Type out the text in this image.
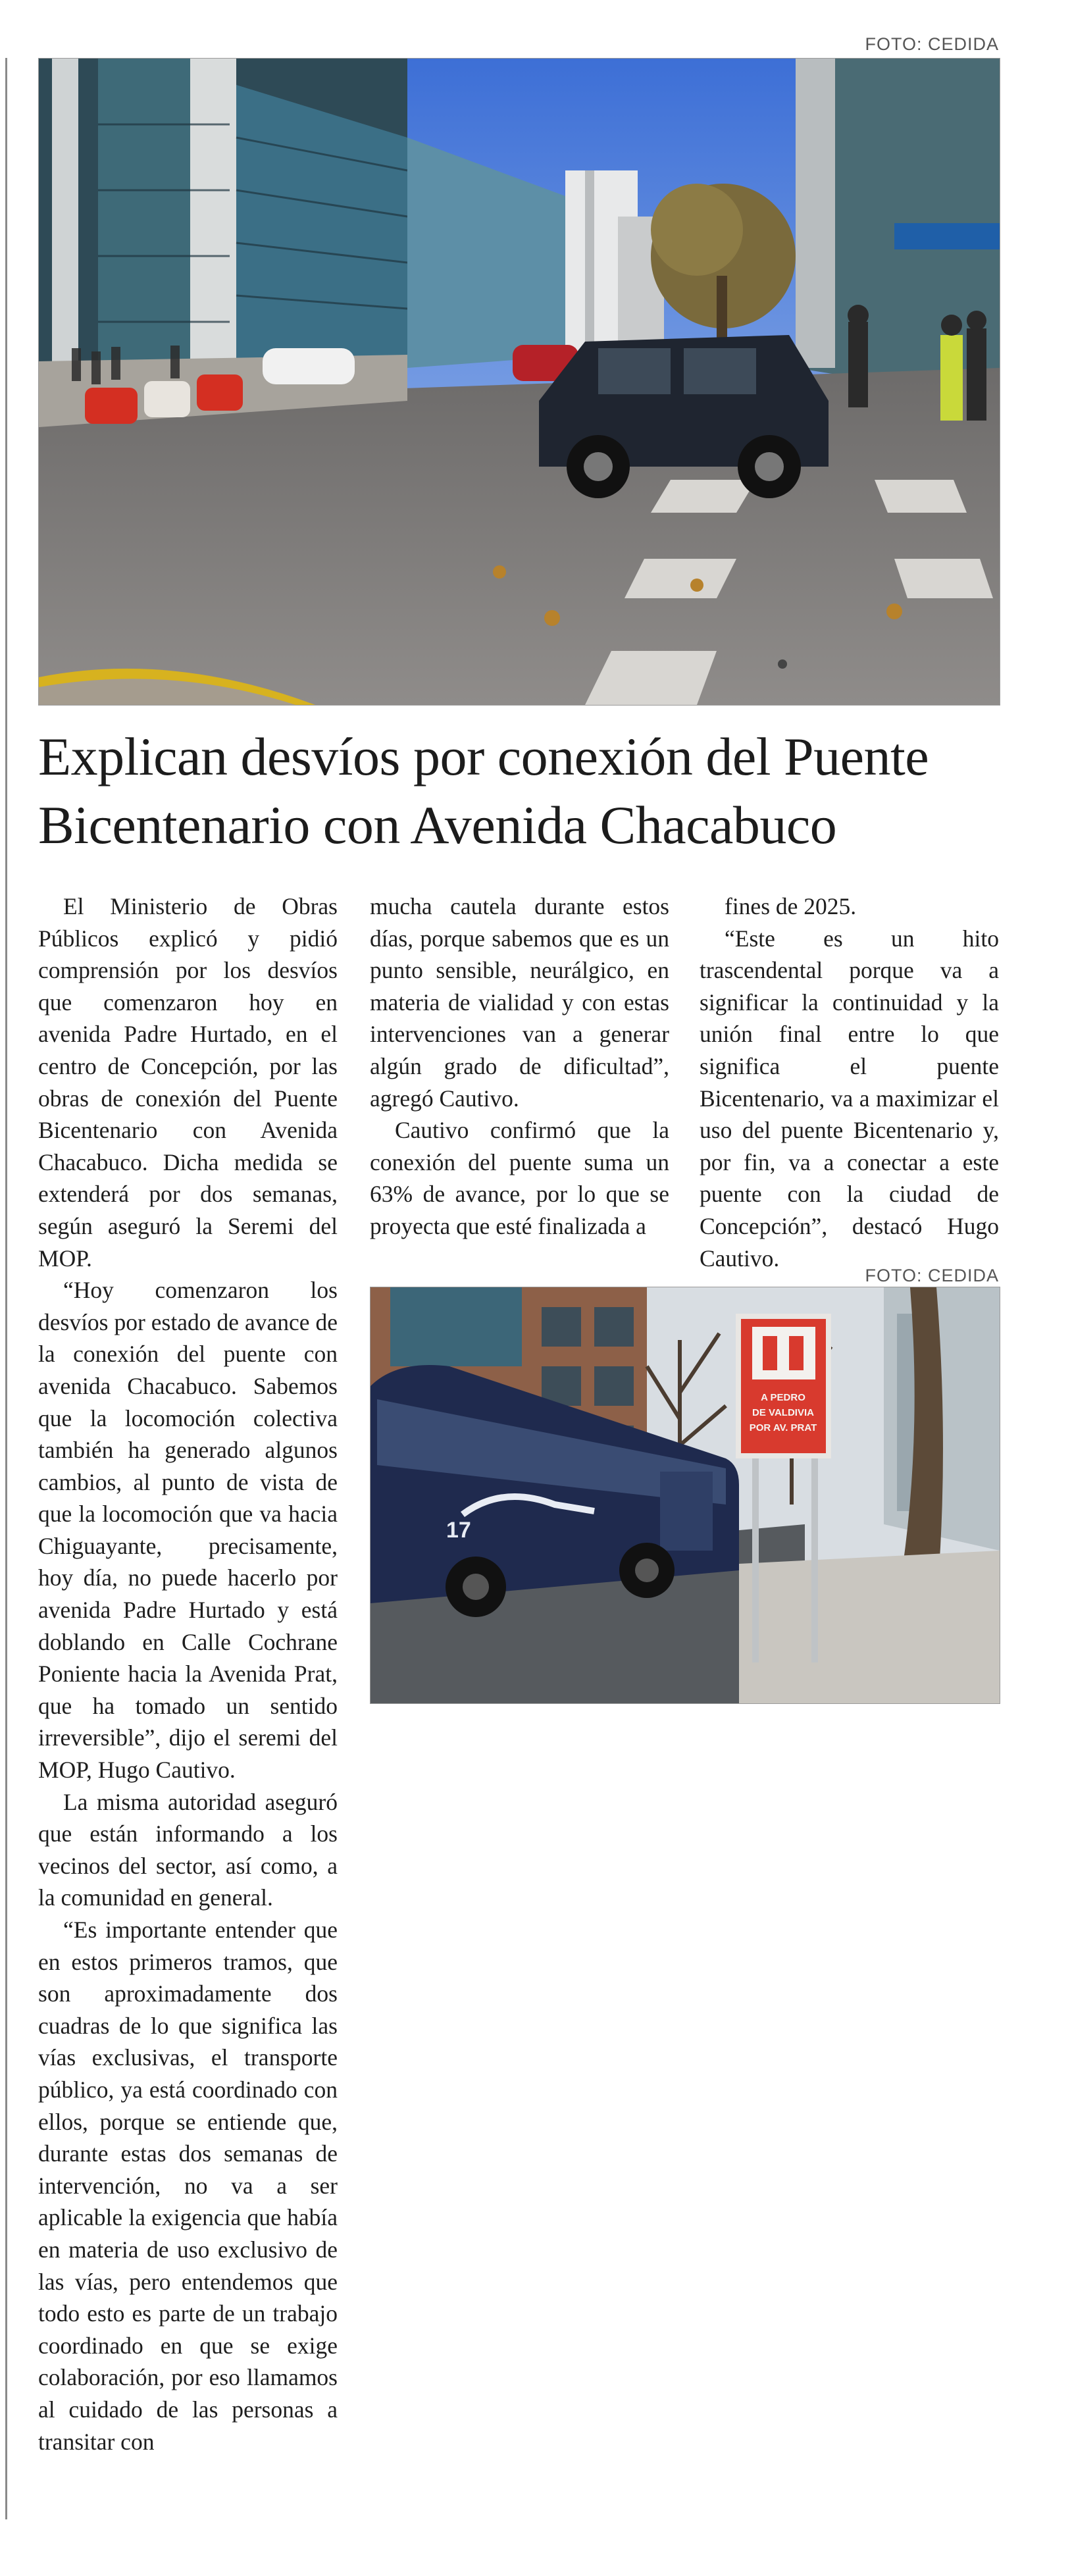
FOTO: CEDIDA
Explican desvíos por conexión del Puente Bicentenario con Avenida Chacabuco

El Ministerio de Obras Públicos explicó y pidió comprensión por los desvíos que comenzaron hoy en avenida Padre Hurtado, en el centro de Concepción, por las obras de conexión del Puente Bicentenario con Avenida Chacabuco. Dicha medida se extenderá por dos semanas, según aseguró la Seremi del MOP.

“Hoy comenzaron los desvíos por estado de avance de la conexión del puente con avenida Chacabuco. Sabemos que la locomoción colectiva también ha generado algunos cambios, al punto de vista de que la locomoción que va hacia Chiguayante, precisamente, hoy día, no puede hacerlo por avenida Padre Hurtado y está doblando en Calle Cochrane Poniente hacia la Avenida Prat, que ha tomado un sentido irreversible”, dijo el seremi del MOP, Hugo Cautivo.

La misma autoridad aseguró que están informando a los vecinos del sector, así como, a la comunidad en general.

“Es importante entender que en estos primeros tramos, que son aproximadamente dos cuadras de lo que significa las vías exclusivas, el transporte público, ya está coordinado con ellos, porque se entiende que, durante estas dos semanas de intervención, no va a ser aplicable la exigencia que había en materia de uso exclusivo de las vías, pero entendemos que todo esto es parte de un trabajo coordinado en que se exige colaboración, por eso llamamos al cuidado de las personas a transitar con

mucha cautela durante estos días, porque sabemos que es un punto sensible, neurálgico, en materia de vialidad y con estas intervenciones van a generar algún grado de dificultad”, agregó Cautivo.

Cautivo confirmó que la conexión del puente suma un 63% de avance, por lo que se proyecta que esté finalizada a

fines de 2025.

“Este es un hito trascendental porque va a significar la continuidad y la unión final entre lo que significa el puente Bicentenario, va a maximizar el uso del puente Bicentenario y, por fin, va a conectar a este puente con la ciudad de Concepción”, destacó Hugo Cautivo.

FOTO: CEDIDA
17
A PEDRO
DE VALDIVIA
POR AV. PRAT
